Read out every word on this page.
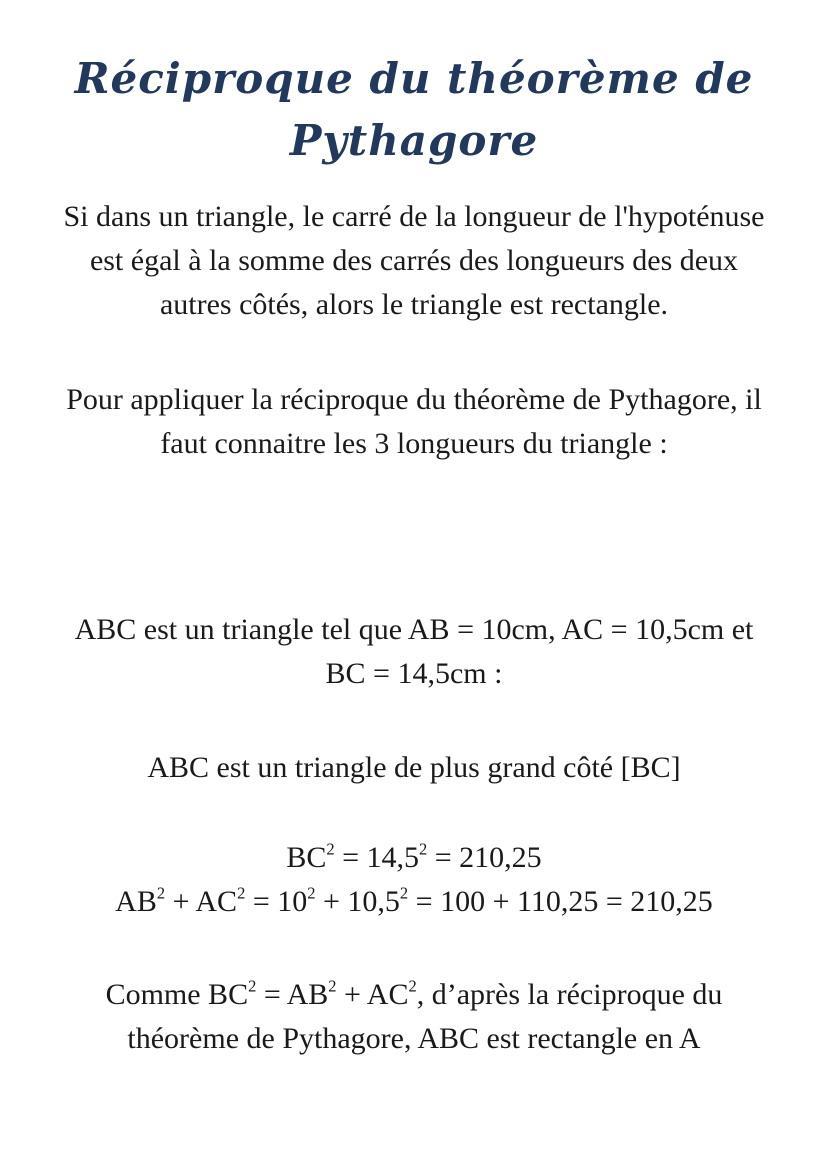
Réciproque du théorème de
Pythagore
Si dans un triangle, le carré de la longueur de l'hypoténuse
est égal à la somme des carrés des longueurs des deux
autres côtés, alors le triangle est rectangle.
Pour appliquer la réciproque du théorème de Pythagore, il
faut connaitre les 3 longueurs du triangle :
ABC est un triangle tel que AB = 10cm, AC = 10,5cm et
BC = 14,5cm :
ABC est un triangle de plus grand côté [BC]
$BC^2 = 14,5^2 = 210,25$
$AB^2 + AC^2 = 10^2 + 10,5^2 = 100 + 110,25 = 210,25$
Comme $BC^2 = AB^2 + AC^2$, d’après la réciproque du
théorème de Pythagore, ABC est rectangle en A
